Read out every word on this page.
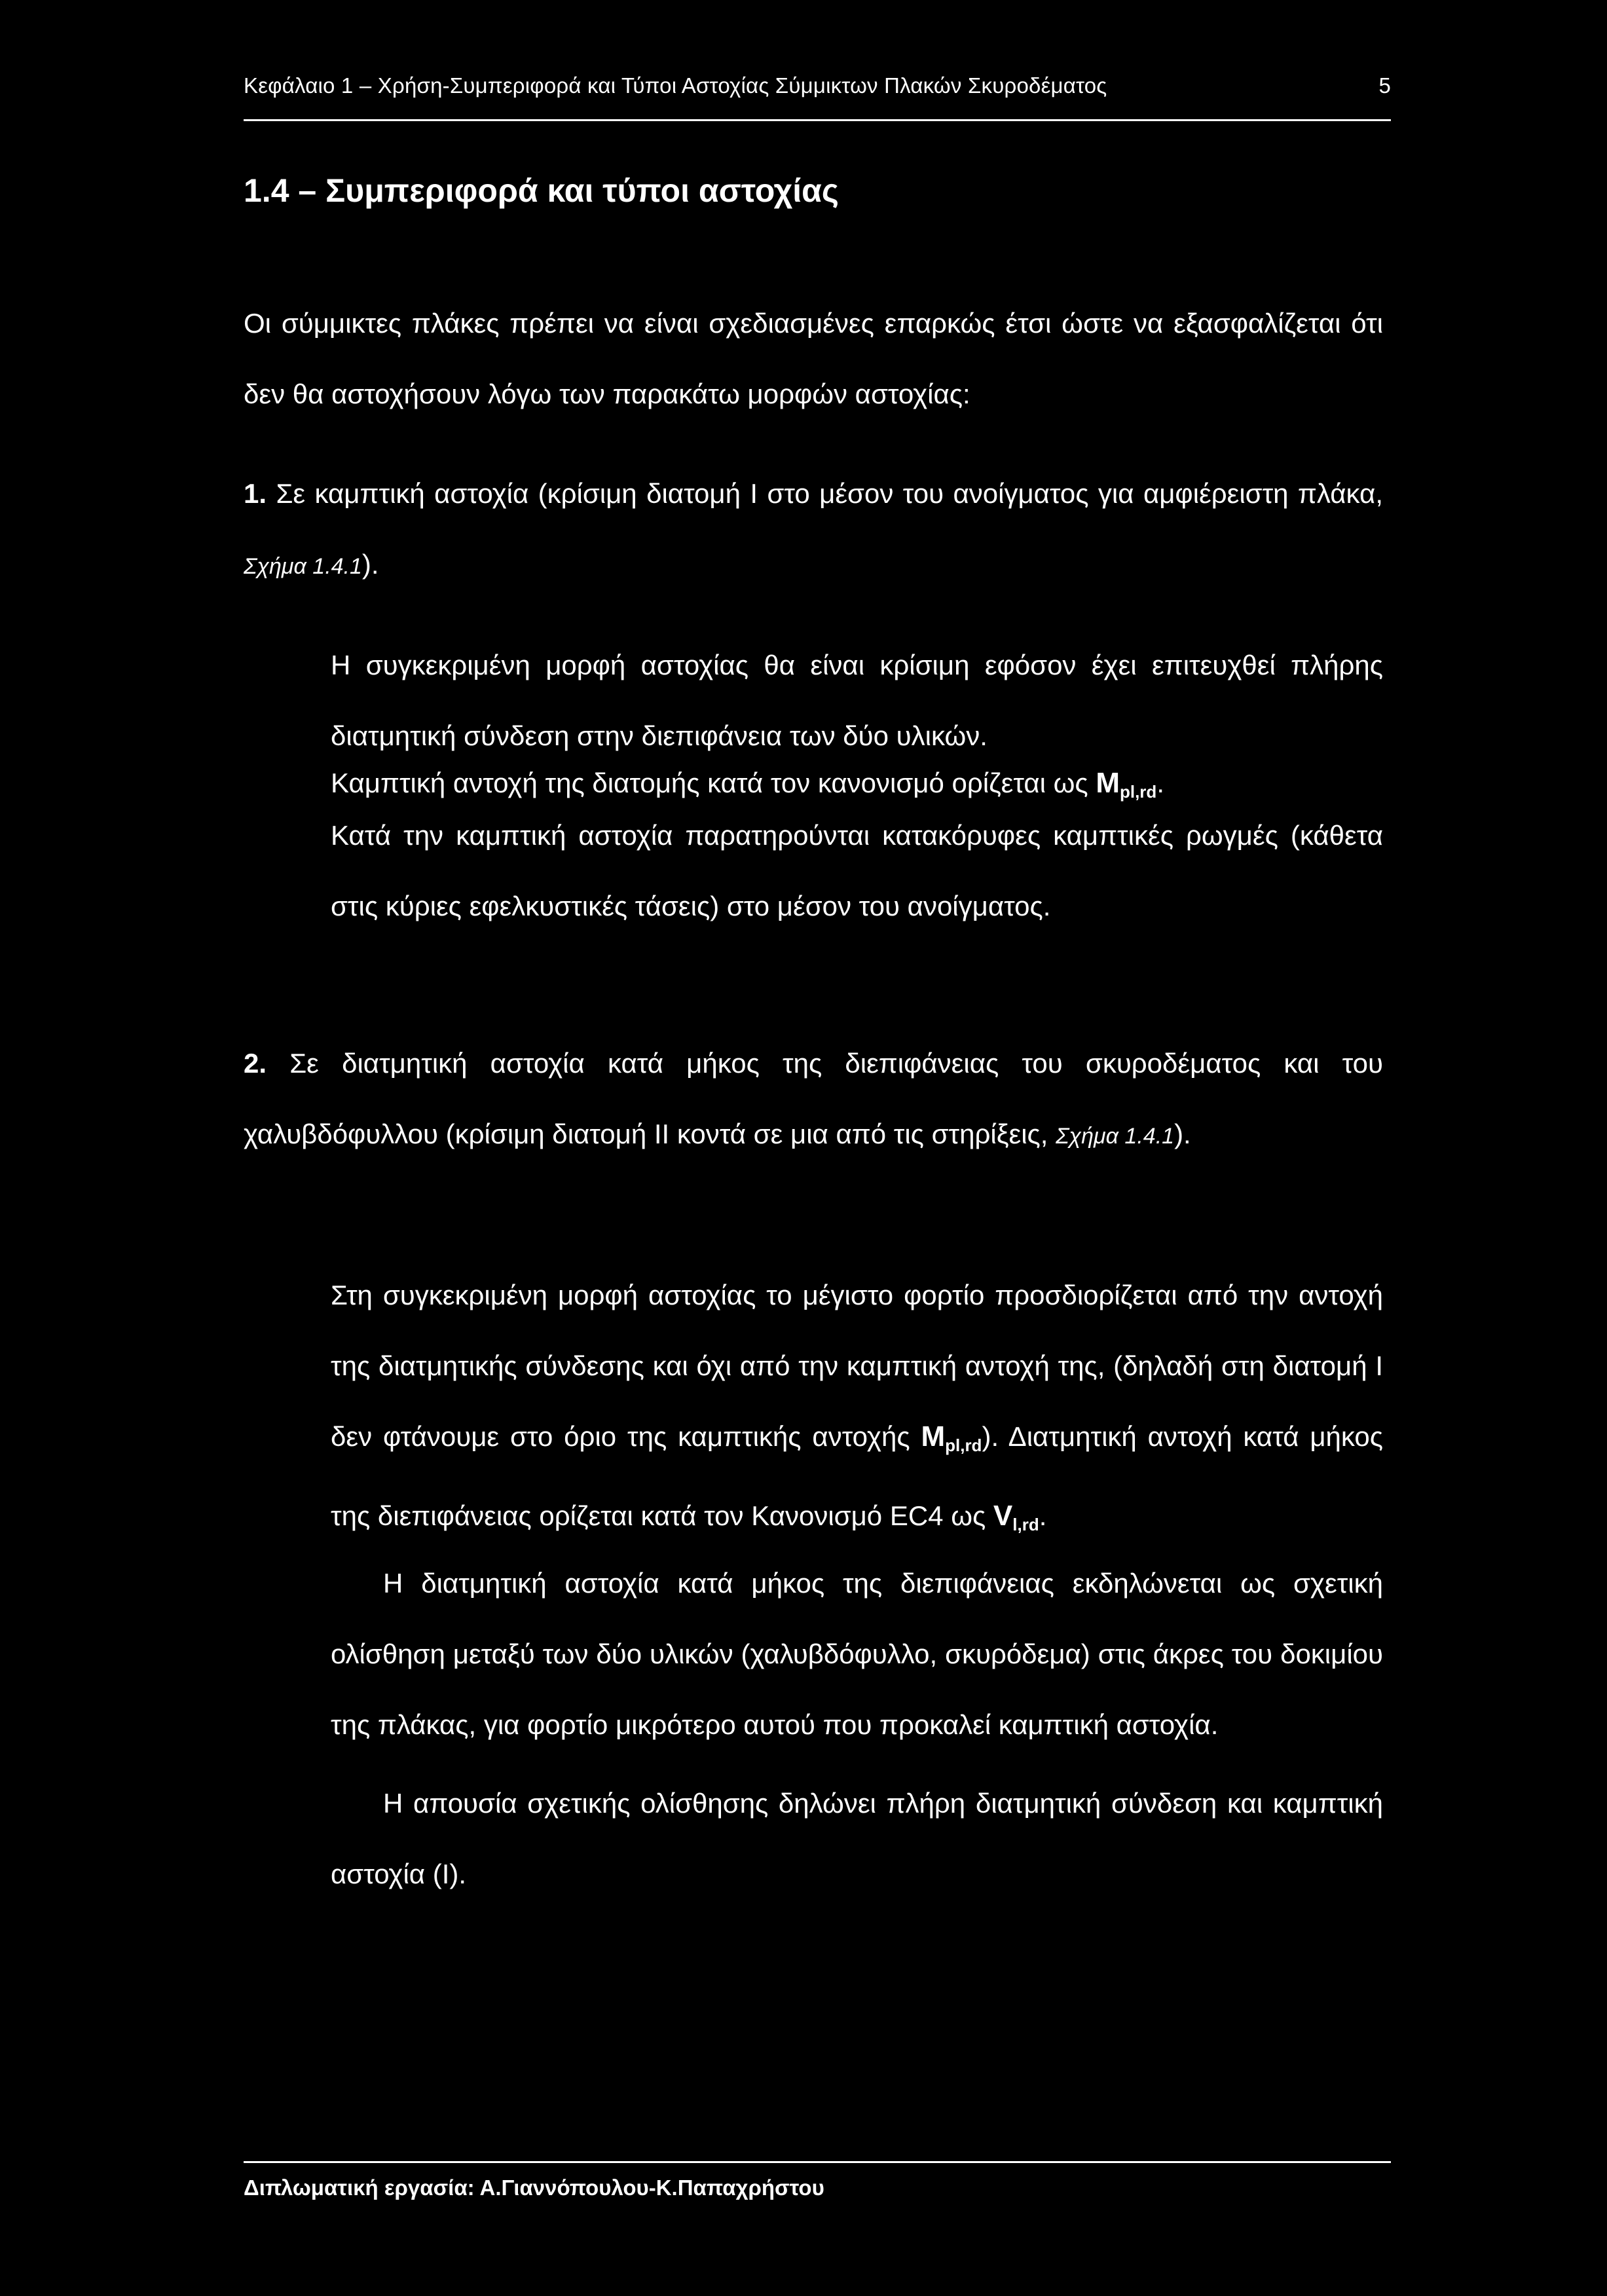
Κεφάλαιο 1 – Χρήση-Συμπεριφορά και Τύποι Αστοχίας Σύμμικτων Πλακών Σκυροδέματος	5
1.4 – Συμπεριφορά και τύποι αστοχίας

Οι σύμμικτες πλάκες πρέπει να είναι σχεδιασμένες επαρκώς έτσι ώστε να εξασφαλίζεται ότι δεν θα αστοχήσουν λόγω των παρακάτω μορφών αστοχίας:

1. Σε καμπτική αστοχία (κρίσιμη διατομή I στο μέσον του ανοίγματος για αμφιέρειστη πλάκα, Σχήμα 1.4.1).

Η συγκεκριμένη μορφή αστοχίας θα είναι κρίσιμη εφόσον έχει επιτευχθεί πλήρης διατμητική σύνδεση στην διεπιφάνεια των δύο υλικών.

Καμπτική αντοχή της διατομής κατά τον κανονισμό ορίζεται ως $M_{pl,rd}$.

Κατά την καμπτική αστοχία παρατηρούνται κατακόρυφες καμπτικές ρωγμές (κάθετα στις κύριες εφελκυστικές τάσεις) στο μέσον του ανοίγματος.

2. Σε διατμητική αστοχία κατά μήκος της διεπιφάνειας του σκυροδέματος και του χαλυβδόφυλλου (κρίσιμη διατομή II κοντά σε μια από τις στηρίξεις, Σχήμα 1.4.1).

Στη συγκεκριμένη μορφή αστοχίας το μέγιστο φορτίο προσδιορίζεται από την αντοχή της διατμητικής σύνδεσης και όχι από την καμπτική αντοχή της, (δηλαδή στη διατομή I δεν φτάνουμε στο όριο της καμπτικής αντοχής $M_{pl,rd}$). Διατμητική αντοχή κατά μήκος της διεπιφάνειας ορίζεται κατά τον Κανονισμό EC4 ως $V_{l,rd}$.

Η διατμητική αστοχία κατά μήκος της διεπιφάνειας εκδηλώνεται ως σχετική ολίσθηση μεταξύ των δύο υλικών (χαλυβδόφυλλο, σκυρόδεμα) στις άκρες του δοκιμίου της πλάκας, για φορτίο μικρότερο αυτού που προκαλεί καμπτική αστοχία.

Η απουσία σχετικής ολίσθησης δηλώνει πλήρη διατμητική σύνδεση και καμπτική αστοχία (I).

Διπλωματική εργασία: Α.Γιαννόπουλου-Κ.Παπαχρήστου
